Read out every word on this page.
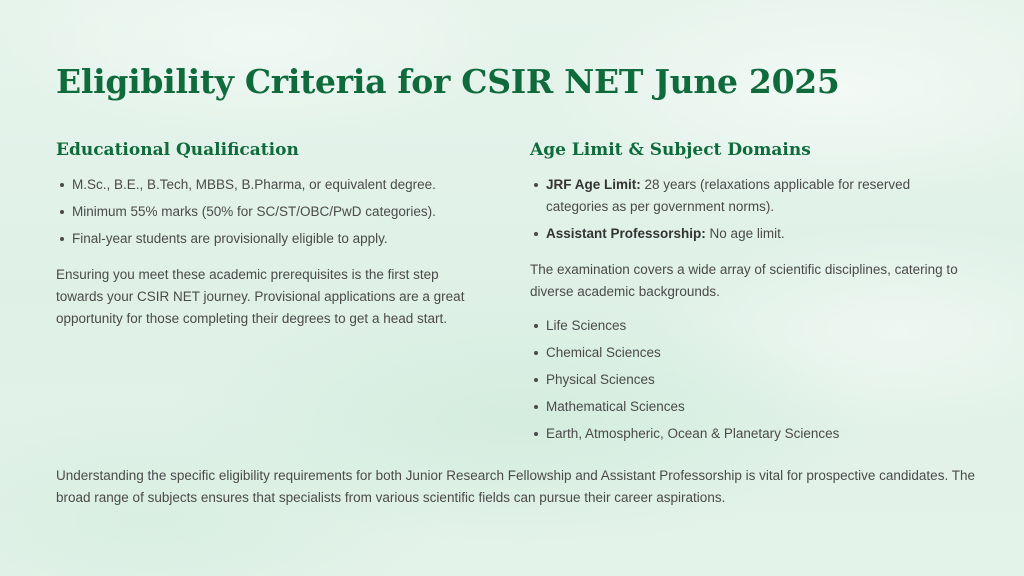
Eligibility Criteria for CSIR NET June 2025
Educational Qualification
M.Sc., B.E., B.Tech, MBBS, B.Pharma, or equivalent degree.
Minimum 55% marks (50% for SC/ST/OBC/PwD categories).
Final-year students are provisionally eligible to apply.

Ensuring you meet these academic prerequisites is the first step towards your CSIR NET journey. Provisional applications are a great opportunity for those completing their degrees to get a head start.

Age Limit & Subject Domains
JRF Age Limit: 28 years (relaxations applicable for reserved categories as per government norms).
Assistant Professorship: No age limit.

The examination covers a wide array of scientific disciplines, catering to diverse academic backgrounds.

Life Sciences
Chemical Sciences
Physical Sciences
Mathematical Sciences
Earth, Atmospheric, Ocean & Planetary Sciences

Understanding the specific eligibility requirements for both Junior Research Fellowship and Assistant Professorship is vital for prospective candidates. The broad range of subjects ensures that specialists from various scientific fields can pursue their career aspirations.
